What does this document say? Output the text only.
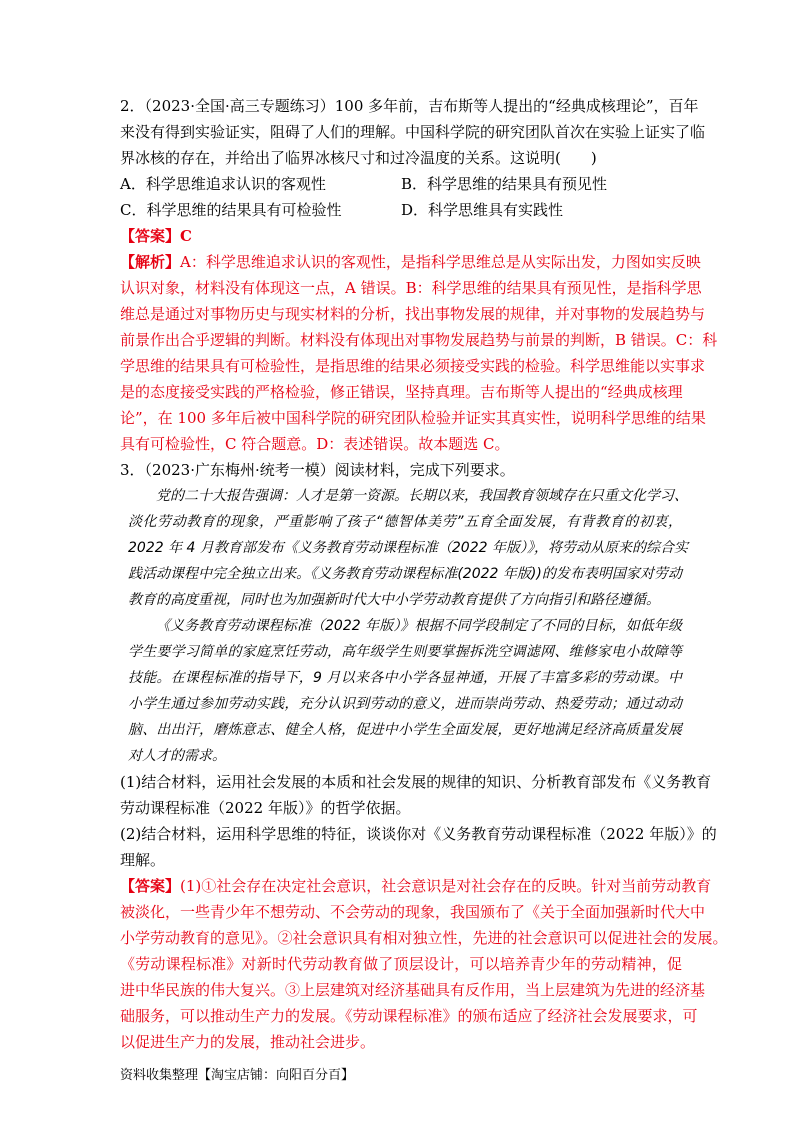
2．（2023·全国·高三专题练习）100 多年前，吉布斯等人提出的“经典成核理论”，百年
来没有得到实验证实，阻碍了人们的理解。中国科学院的研究团队首次在实验上证实了临
界冰核的存在，并给出了临界冰核尺寸和过冷温度的关系。这说明(　　)
A．科学思维追求认识的客观性	B．科学思维的结果具有预见性
C．科学思维的结果具有可检验性	D．科学思维具有实践性
【答案】C
【解析】A：科学思维追求认识的客观性，是指科学思维总是从实际出发，力图如实反映
认识对象，材料没有体现这一点，A 错误。B：科学思维的结果具有预见性，是指科学思
维总是通过对事物历史与现实材料的分析，找出事物发展的规律，并对事物的发展趋势与
前景作出合乎逻辑的判断。材料没有体现出对事物发展趋势与前景的判断，B 错误。C：科
学思维的结果具有可检验性，是指思维的结果必须接受实践的检验。科学思维能以实事求
是的态度接受实践的严格检验，修正错误，坚持真理。吉布斯等人提出的“经典成核理
论”，在 100 多年后被中国科学院的研究团队检验并证实其真实性，说明科学思维的结果
具有可检验性，C 符合题意。D：表述错误。故本题选 C。
3．（2023·广东梅州·统考一模）阅读材料，完成下列要求。
党的二十大报告强调：人才是第一资源。长期以来，我国教育领域存在只重文化学习、
淡化劳动教育的现象，严重影响了孩子“德智体美劳”五育全面发展，有背教育的初衷，
2022 年 4 月教育部发布《义务教育劳动课程标准（2022 年版）》，将劳动从原来的综合实
践活动课程中完全独立出来。《义务教育劳动课程标准(2022 年版))的发布表明国家对劳动
教育的高度重视，同时也为加强新时代大中小学劳动教育提供了方向指引和路径遵循。
《义务教育劳动课程标准（2022 年版）》根据不同学段制定了不同的目标，如低年级
学生要学习简单的家庭烹饪劳动，高年级学生则要掌握拆洗空调滤网、维修家电小故障等
技能。在课程标准的指导下，9 月以来各中小学各显神通，开展了丰富多彩的劳动课。中
小学生通过参加劳动实践，充分认识到劳动的意义，进而崇尚劳动、热爱劳动；通过动动
脑、出出汗，磨炼意志、健全人格，促进中小学生全面发展，更好地满足经济高质量发展
对人才的需求。
(1)结合材料，运用社会发展的本质和社会发展的规律的知识、分析教育部发布《义务教育
劳动课程标准（2022 年版）》的哲学依据。
(2)结合材料，运用科学思维的特征，谈谈你对《义务教育劳动课程标准（2022 年版）》的
理解。
【答案】(1)①社会存在决定社会意识，社会意识是对社会存在的反映。针对当前劳动教育
被淡化，一些青少年不想劳动、不会劳动的现象，我国颁布了《关于全面加强新时代大中
小学劳动教育的意见》。②社会意识具有相对独立性，先进的社会意识可以促进社会的发展。
《劳动课程标准》对新时代劳动教育做了顶层设计，可以培养青少年的劳动精神，促
进中华民族的伟大复兴。③上层建筑对经济基础具有反作用，当上层建筑为先进的经济基
础服务，可以推动生产力的发展。《劳动课程标准》的颁布适应了经济社会发展要求，可
以促进生产力的发展，推动社会进步。
资料收集整理【淘宝店铺：向阳百分百】
